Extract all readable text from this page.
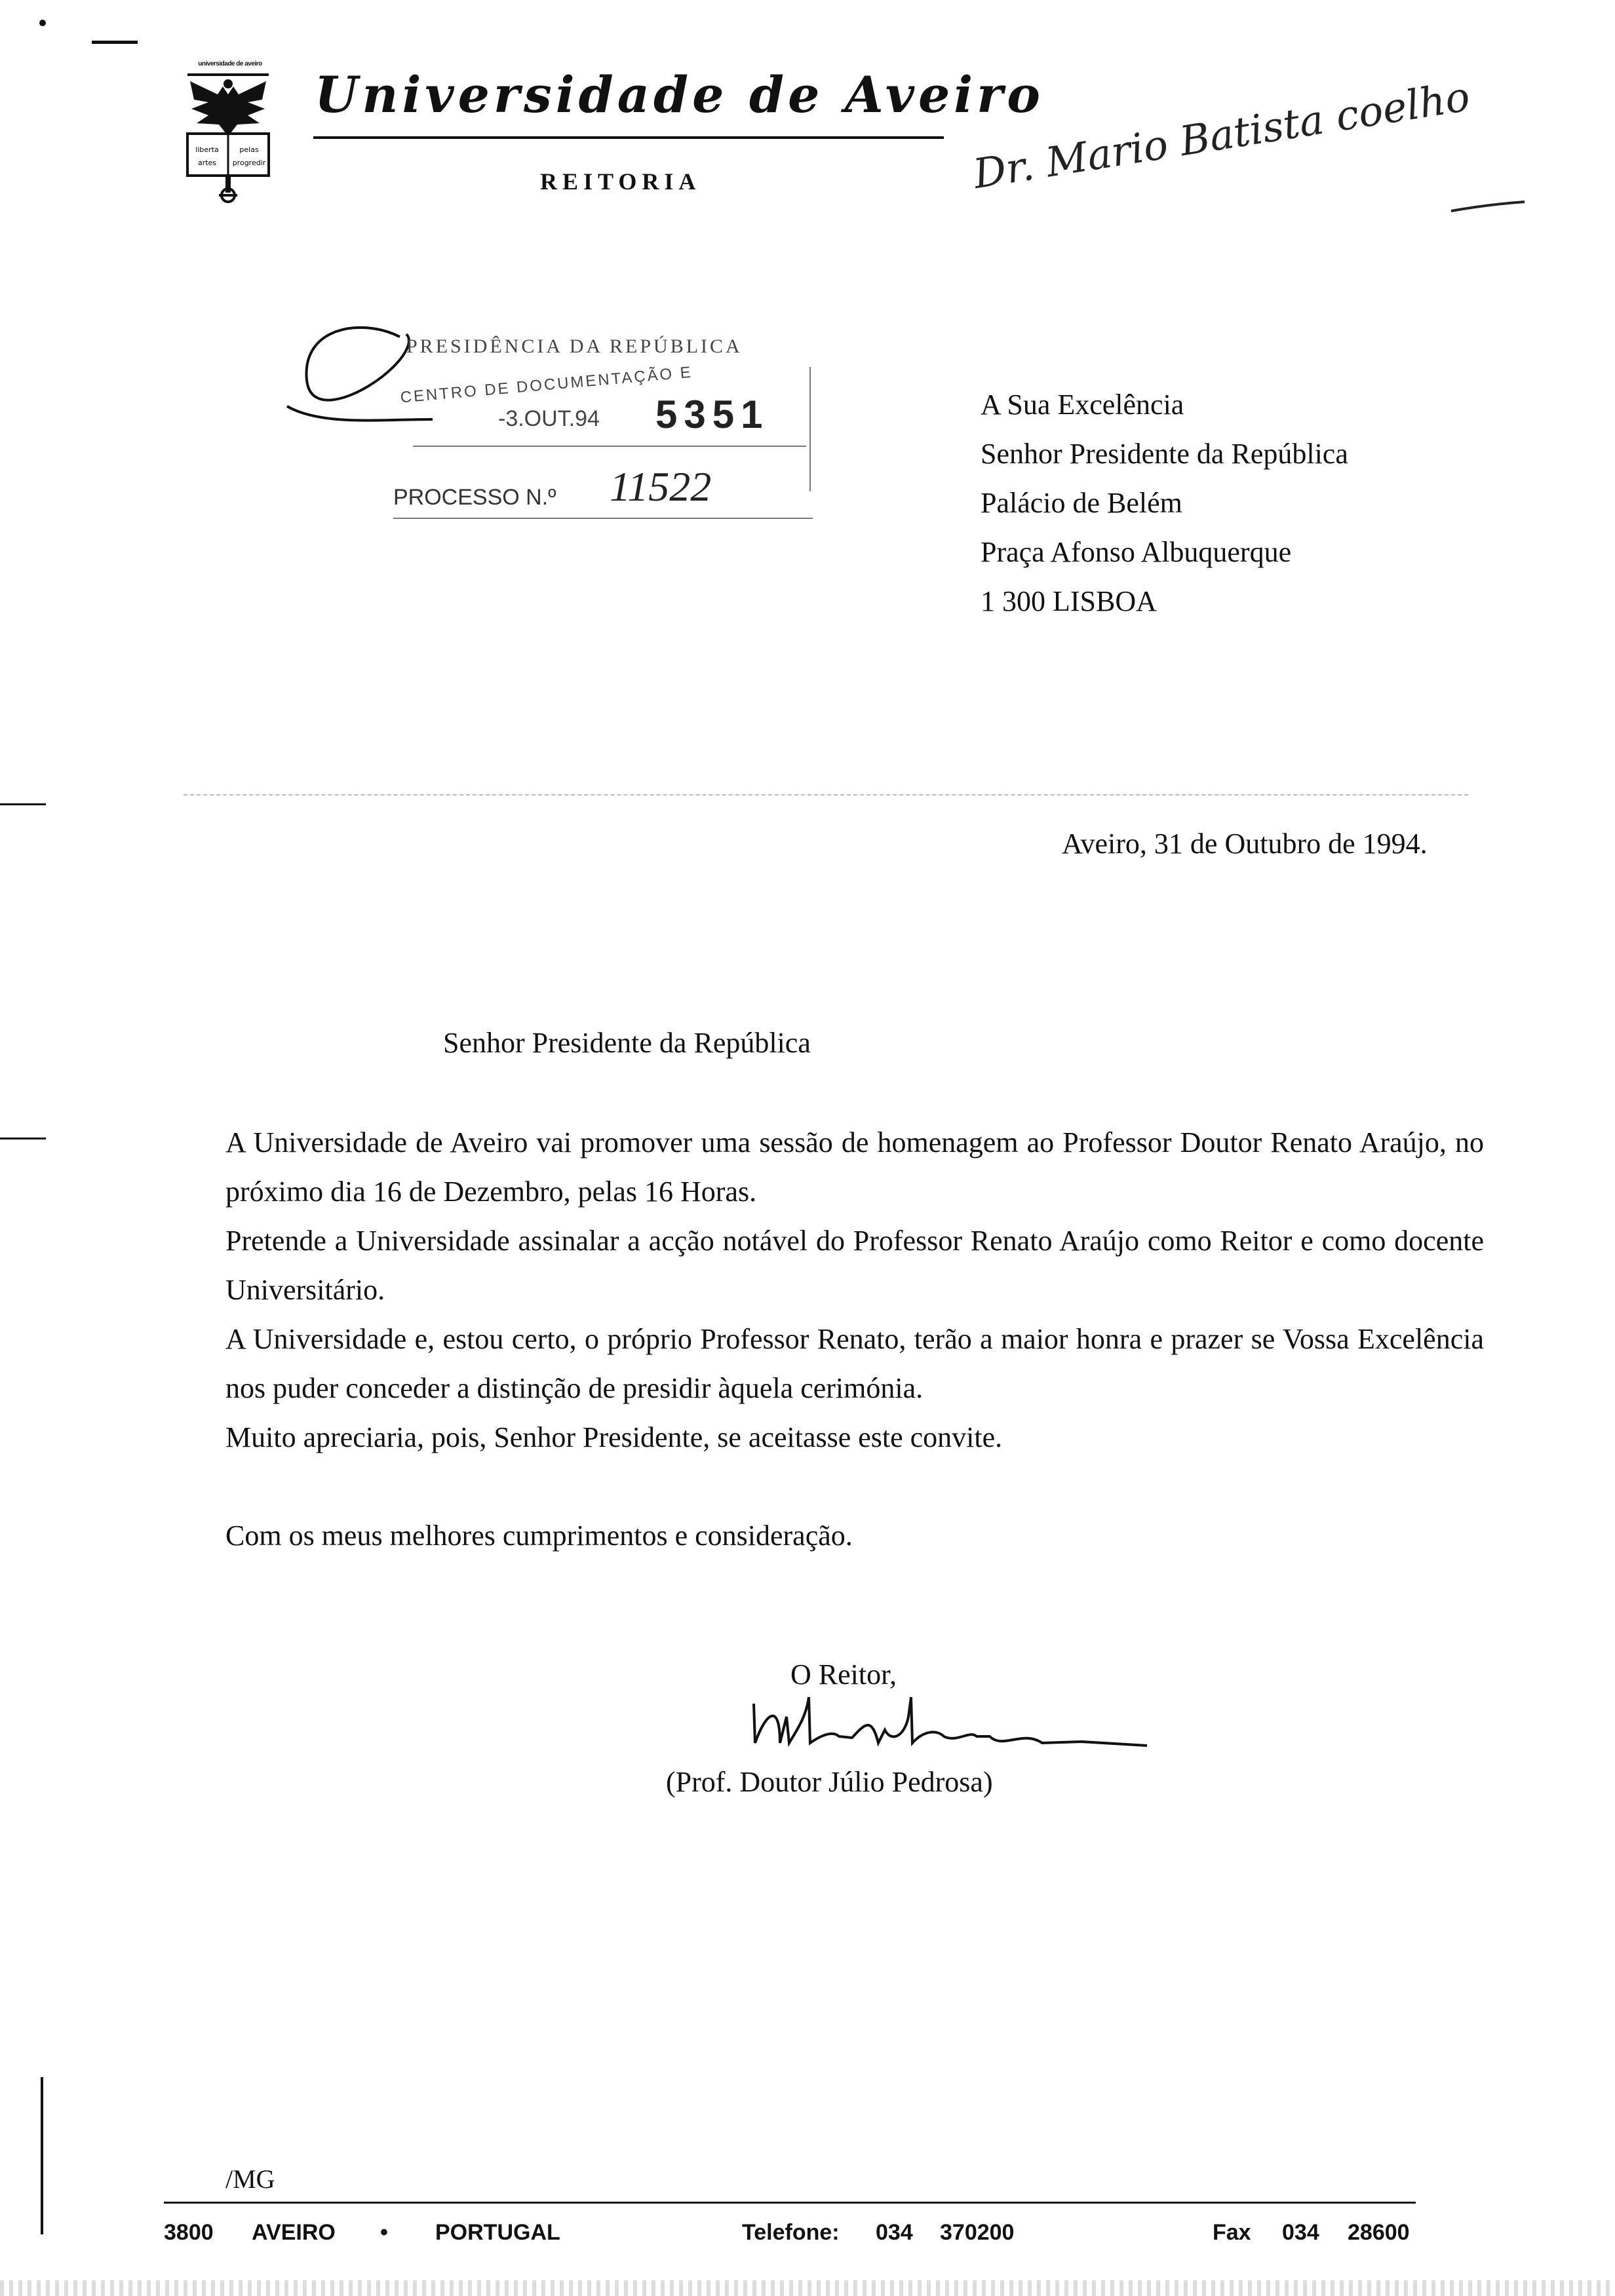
universidade de aveiro
liberta	pelas
artes progredir
Universidade de Aveiro
REITORIA	Dr. Mario Batista coelho
PRESIDÊNCIA DA REPÚBLICA
CENTRO DE DOCUMENTAÇÃO E
-3.OUT.94 5351
PROCESSO N.º 11522
A Sua Excelência
Senhor Presidente da República
Palácio de Belém
Praça Afonso Albuquerque
1 300 LISBOA
Aveiro, 31 de Outubro de 1994.
Senhor Presidente da República

A Universidade de Aveiro vai promover uma sessão de homenagem ao Professor Doutor Renato Araújo, no próximo dia 16 de Dezembro, pelas 16 Horas.

Pretende a Universidade assinalar a acção notável do Professor Renato Araújo como Reitor e como docente Universitário.

A Universidade e, estou certo, o próprio Professor Renato, terão a maior honra e prazer se Vossa Excelência nos puder conceder a distinção de presidir àquela cerimónia.

Muito apreciaria, pois, Senhor Presidente, se aceitasse este convite.

Com os meus melhores cumprimentos e consideração.
O Reitor,
(Prof. Doutor Júlio Pedrosa)
/MG
3800 AVEIRO • PORTUGAL	Telefone: 034 370200	Fax 034 28600
